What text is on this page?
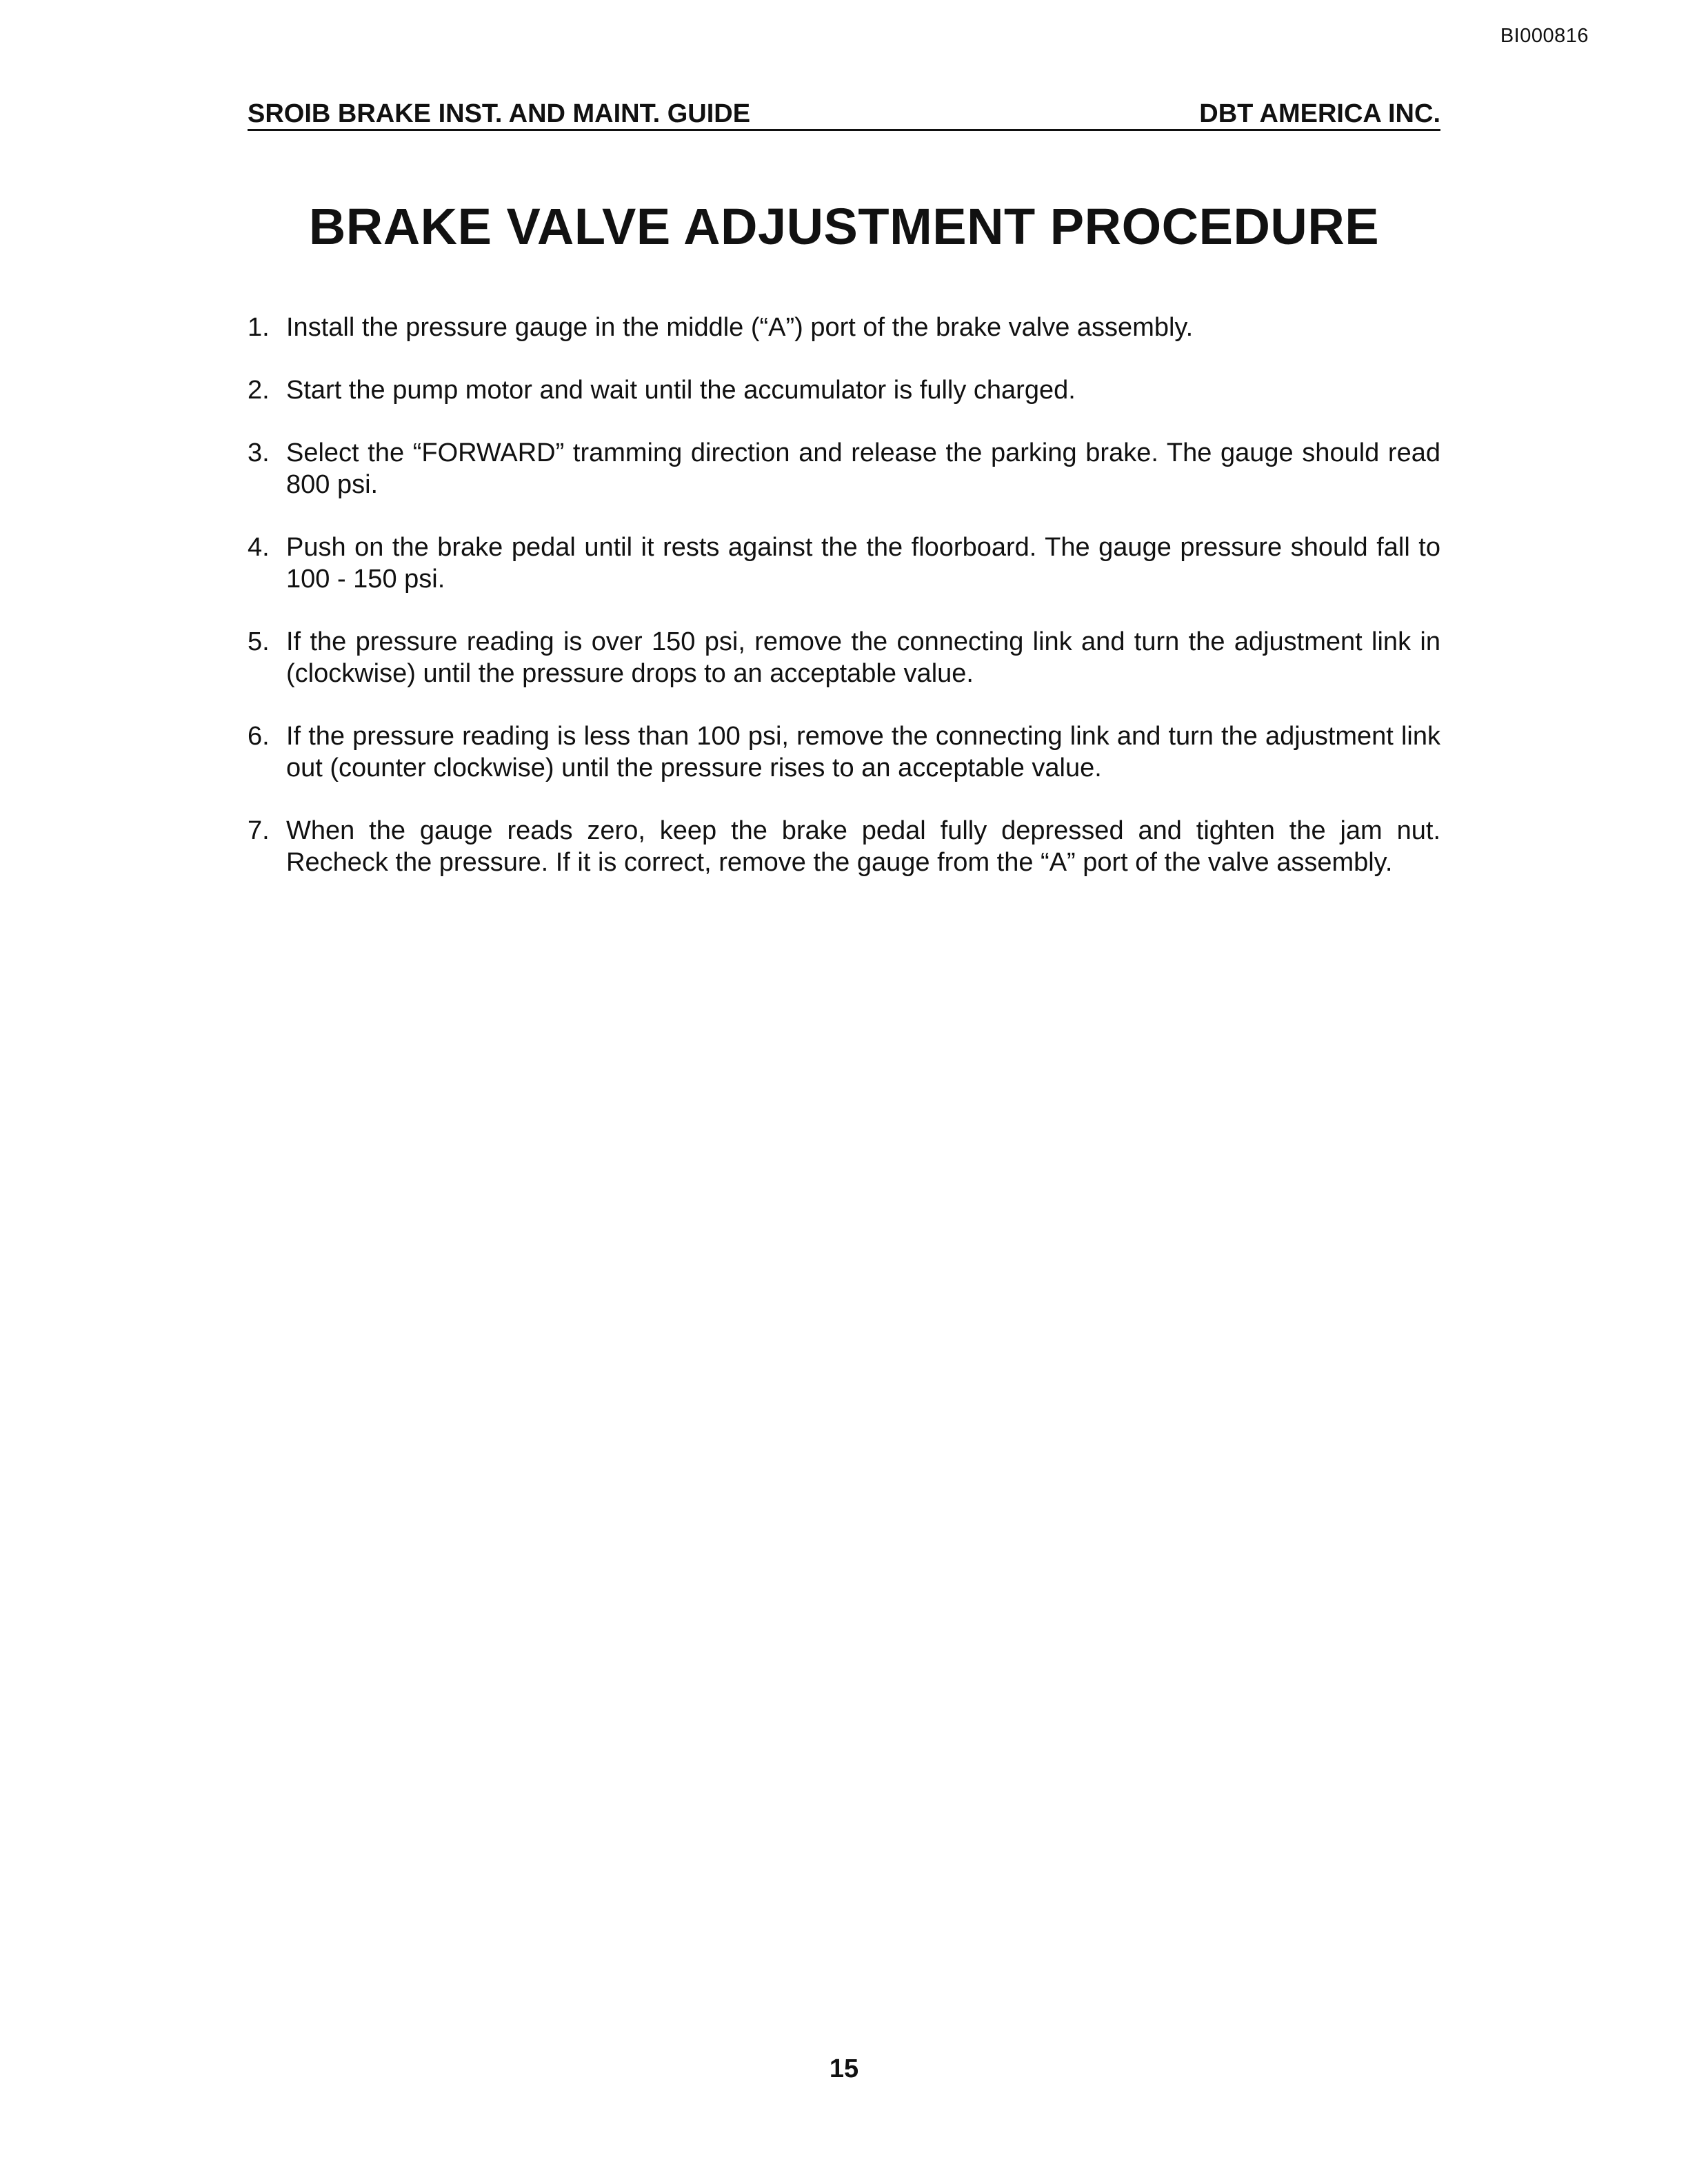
BI000816
SROIB BRAKE INST. AND MAINT. GUIDE	DBT AMERICA INC.
BRAKE VALVE ADJUSTMENT PROCEDURE
1. Install the pressure gauge in the middle (“A”) port of the brake valve assembly.
2. Start the pump motor and wait until the accumulator is fully charged.
3. Select the “FORWARD” tramming direction and release the parking brake. The gauge should read 800 psi.
4. Push on the brake pedal until it rests against the the floorboard. The gauge pressure should fall to 100 - 150 psi.
5. If the pressure reading is over 150 psi, remove the connecting link and turn the adjustment link in (clockwise) until the pressure drops to an acceptable value.
6. If the pressure reading is less than 100 psi, remove the connecting link and turn the adjustment link out (counter clockwise) until the pressure rises to an acceptable value.
7. When the gauge reads zero, keep the brake pedal fully depressed and tighten the jam nut. Recheck the pressure. If it is correct, remove the gauge from the “A” port of the valve assembly.
15
